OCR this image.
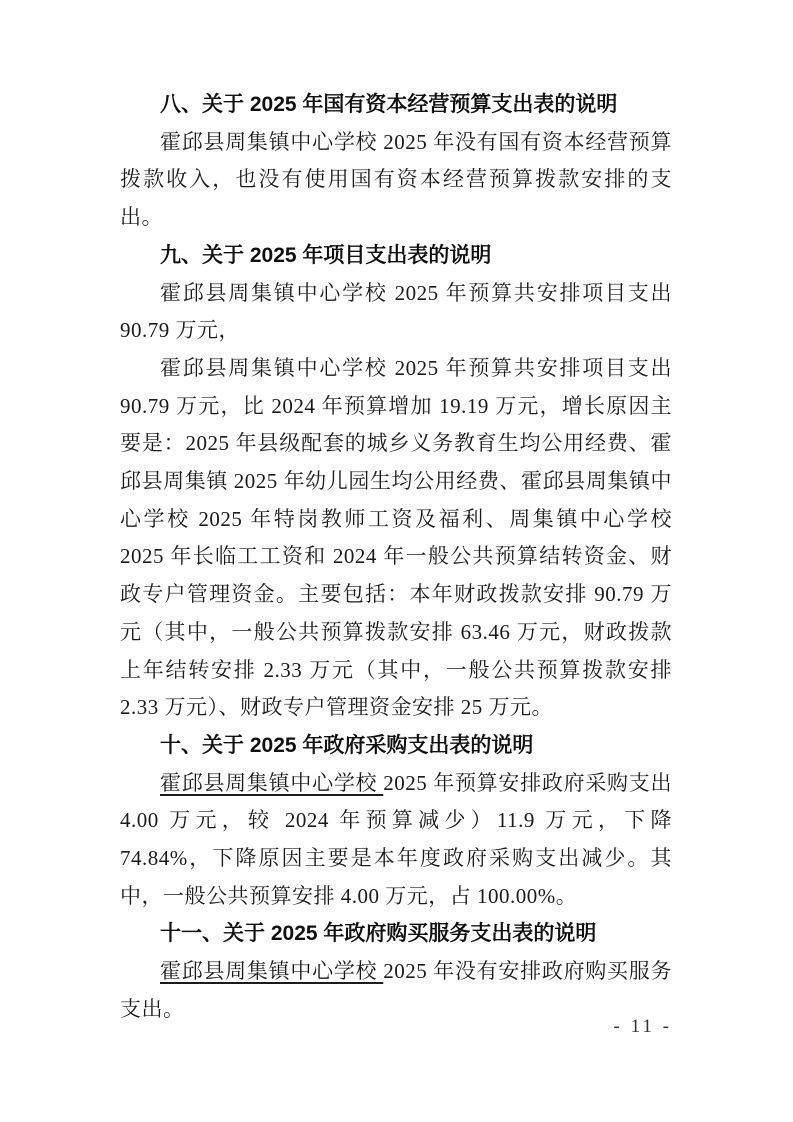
八、关于 2025 年国有资本经营预算支出表的说明

霍邱县周集镇中心学校 2025 年没有国有资本经营预算拨款收入，也没有使用国有资本经营预算拨款安排的支出。

九、关于 2025 年项目支出表的说明

霍邱县周集镇中心学校 2025 年预算共安排项目支出 90.79 万元，

霍邱县周集镇中心学校 2025 年预算共安排项目支出 90.79 万元，比 2024 年预算增加 19.19 万元，增长原因主要是：2025 年县级配套的城乡义务教育生均公用经费、霍邱县周集镇 2025 年幼儿园生均公用经费、霍邱县周集镇中心学校 2025 年特岗教师工资及福利、周集镇中心学校 2025 年长临工工资和 2024 年一般公共预算结转资金、财政专户管理资金。主要包括：本年财政拨款安排 90.79 万元（其中，一般公共预算拨款安排 63.46 万元，财政拨款上年结转安排 2.33 万元（其中，一般公共预算拨款安排 2.33 万元）、财政专户管理资金安排 25 万元。

十、关于 2025 年政府采购支出表的说明

霍邱县周集镇中心学校 2025 年预算安排政府采购支出 4.00 万元，较 2024 年预算减少）11.9 万元，下降 74.84%，下降原因主要是本年度政府采购支出减少。其中，一般公共预算安排 4.00 万元，占 100.00%。

十一、关于 2025 年政府购买服务支出表的说明

霍邱县周集镇中心学校 2025 年没有安排政府购买服务支出。

- 11 -
